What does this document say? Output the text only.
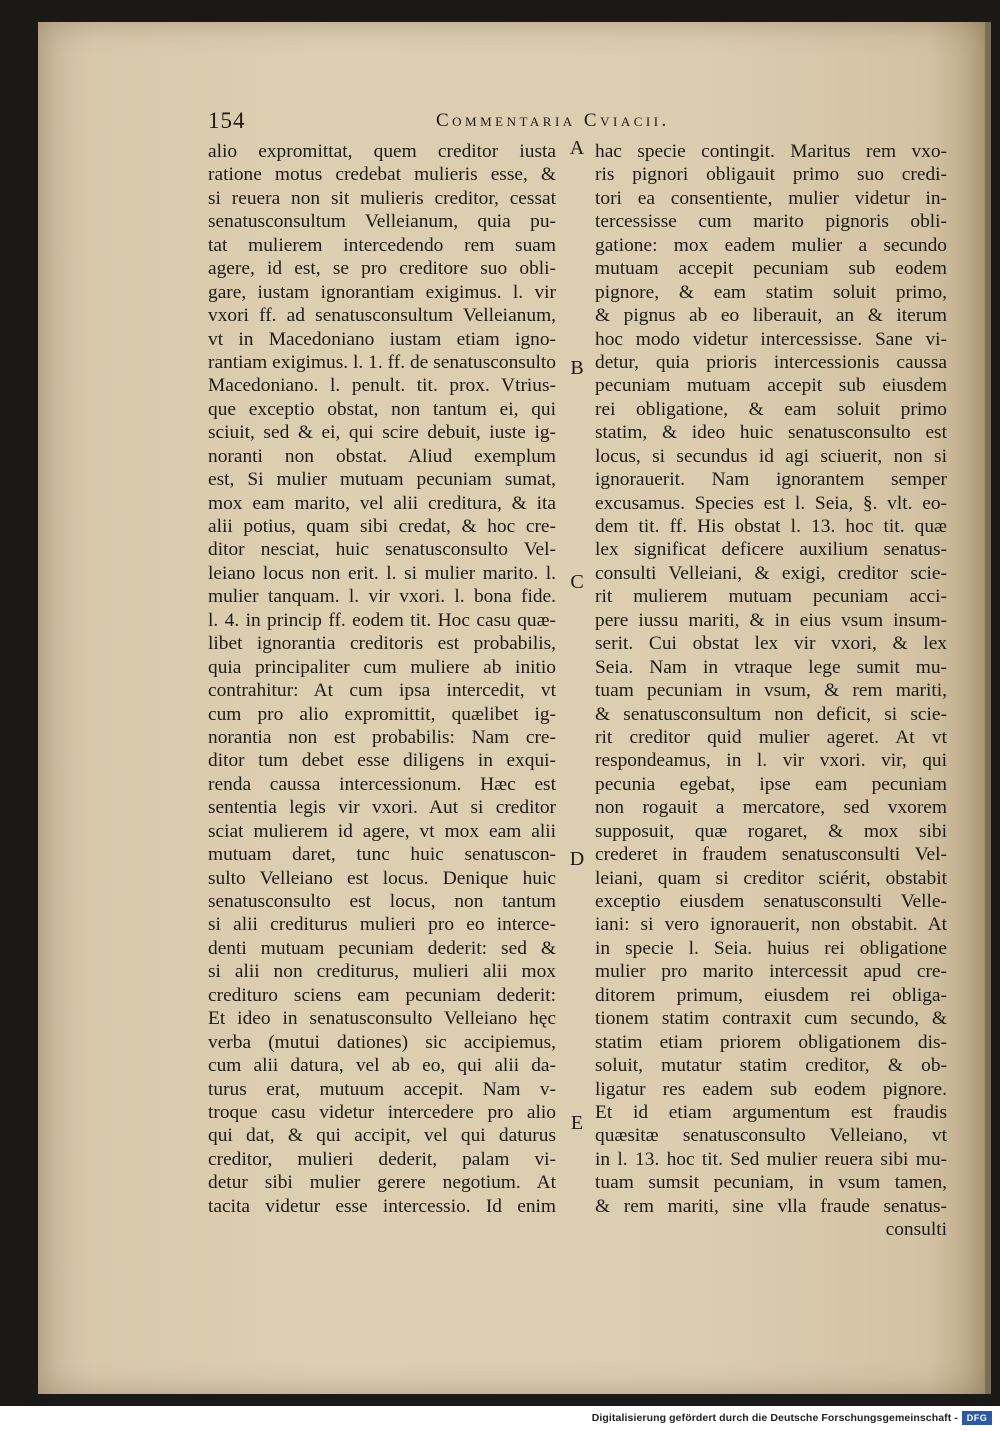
154	Commentaria Cviacii.
alio expromittat, quem creditor iusta
ratione motus credebat mulieris esse, &
si reuera non sit mulieris creditor, cessat
senatusconsultum Velleianum, quia pu-
tat mulierem intercedendo rem suam
agere, id est, se pro creditore suo obli-
gare, iustam ignorantiam exigimus. l. vir
vxori ff. ad senatusconsultum Velleianum,
vt in Macedoniano iustam etiam igno-
rantiam exigimus. l. 1. ff. de senatusconsulto
Macedoniano. l. penult. tit. prox. Vtrius-
que exceptio obstat, non tantum ei, qui
sciuit, sed & ei, qui scire debuit, iuste ig-
noranti non obstat. Aliud exemplum
est, Si mulier mutuam pecuniam sumat,
mox eam marito, vel alii creditura, & ita
alii potius, quam sibi credat, & hoc cre-
ditor nesciat, huic senatusconsulto Vel-
leiano locus non erit. l. si mulier marito. l.
mulier tanquam. l. vir vxori. l. bona fide.
l. 4. in princip ff. eodem tit. Hoc casu quæ-
libet ignorantia creditoris est probabilis,
quia principaliter cum muliere ab initio
contrahitur: At cum ipsa intercedit, vt
cum pro alio expromittit, quælibet ig-
norantia non est probabilis: Nam cre-
ditor tum debet esse diligens in exqui-
renda caussa intercessionum. Hæc est
sententia legis vir vxori. Aut si creditor
sciat mulierem id agere, vt mox eam alii
mutuam daret, tunc huic senatuscon-
sulto Velleiano est locus. Denique huic
senatusconsulto est locus, non tantum
si alii crediturus mulieri pro eo interce-
denti mutuam pecuniam dederit: sed &
si alii non crediturus, mulieri alii mox
crediturо sciens eam pecuniam dederit:
Et ideo in senatusconsulto Velleiano hęc
verba (mutui dationes) sic accipiemus,
cum alii datura, vel ab eo, qui alii da-
turus erat, mutuum accepit. Nam v-
troque casu videtur intercedere pro alio
qui dat, & qui accipit, vel qui daturus
creditor, mulieri dederit, palam vi-
detur sibi mulier gerere negotium. At
tacita videtur esse intercessio. Id enim
hac specie contingit. Maritus rem vxo-
ris pignori obligauit primo suo credi-
tori ea consentiente, mulier videtur in-
tercessisse cum marito pignoris obli-
gatione: mox eadem mulier a secundo
mutuam accepit pecuniam sub eodem
pignore, & eam statim soluit primo,
& pignus ab eo liberauit, an & iterum
hoc modo videtur intercessisse. Sane vi-
detur, quia prioris intercessionis caussa
pecuniam mutuam accepit sub eiusdem
rei obligatione, & eam soluit primo
statim, & ideo huic senatusconsulto est
locus, si secundus id agi sciuerit, non si
ignorauerit. Nam ignorantem semper
excusamus. Species est l. Seia, §. vlt. eo-
dem tit. ff. His obstat l. 13. hoc tit. quæ
lex significat deficere auxilium senatus-
consulti Velleiani, & exigi, creditor scie-
rit mulierem mutuam pecuniam acci-
pere iussu mariti, & in eius vsum insum-
serit. Cui obstat lex vir vxori, & lex
Seia. Nam in vtraque lege sumit mu-
tuam pecuniam in vsum, & rem mariti,
& senatusconsultum non deficit, si scie-
rit creditor quid mulier ageret. At vt
respondeamus, in l. vir vxori. vir, qui
pecunia egebat, ipse eam pecuniam
non rogauit a mercatore, sed vxorem
supposuit, quæ rogaret, & mox sibi
crederet in fraudem senatusconsulti Vel-
leiani, quam si creditor sciérit, obstabit
exceptio eiusdem senatusconsulti Velle-
iani: si vero ignorauerit, non obstabit. At
in specie l. Seia. huius rei obligatione
mulier pro marito intercessit apud cre-
ditorem primum, eiusdem rei obliga-
tionem statim contraxit cum secundo, &
statim etiam priorem obligationem dis-
soluit, mutatur statim creditor, & ob-
ligatur res eadem sub eodem pignore.
Et id etiam argumentum est fraudis
quæsitæ senatusconsulto Velleiano, vt
in l. 13. hoc tit. Sed mulier reuera sibi mu-
tuam sumsit pecuniam, in vsum tamen,
& rem mariti, sine vlla fraude senatus-
consulti
A
B
C
D
E
Digitalisierung gefördert durch die Deutsche Forschungsgemeinschaft - DFG
